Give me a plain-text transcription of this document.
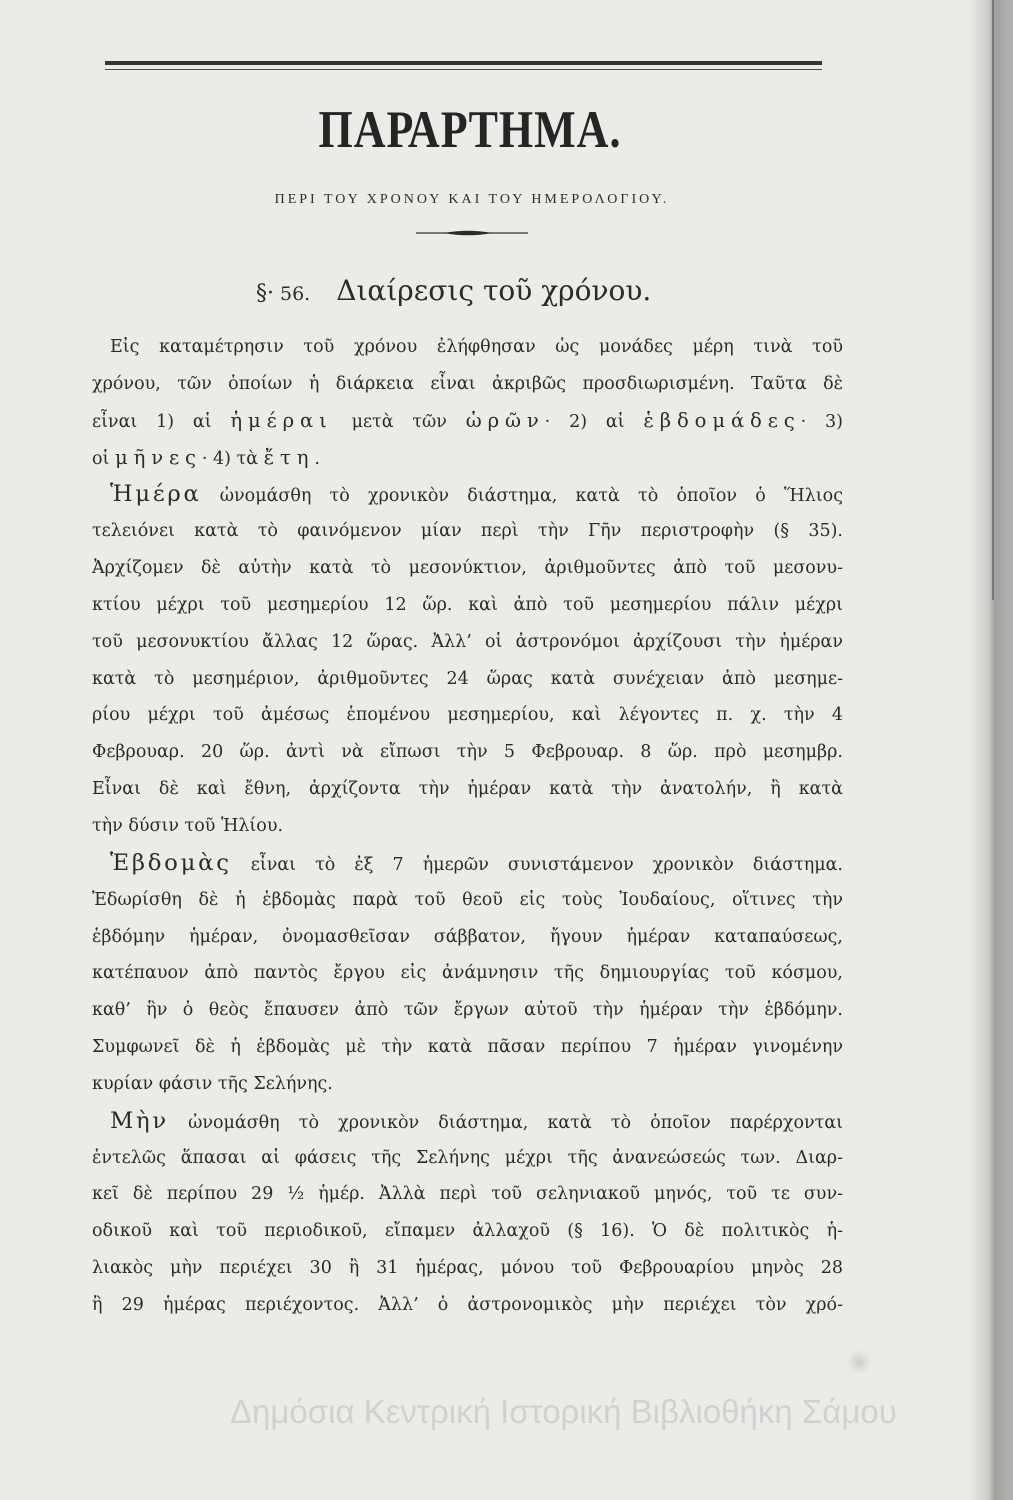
ΠΑΡΑΡΤΗΜΑ.
ΠΕΡΙ ΤΟΥ ΧΡΟΝΟΥ ΚΑΙ ΤΟΥ ΗΜΕΡΟΛΟΓΙΟΥ.
§· 56. Διαίρεσις τοῦ χρόνου.
Εἰς καταμέτρησιν τοῦ χρόνου ἐλήφθησαν ὡς μονάδες μέρη τινὰ τοῦ
χρόνου, τῶν ὁποίων ἡ διάρκεια εἶναι ἀκριβῶς προσδιωρισμένη. Ταῦτα δὲ
εἶναι 1) αἱ ἡμέραι μετὰ τῶν ὡρῶν· 2) αἱ ἑβδομάδες· 3)
οἱ μῆνες· 4) τὰ ἔτη.
Ἡμέρα ὠνομάσθη τὸ χρονικὸν διάστημα, κατὰ τὸ ὁποῖον ὁ Ἥλιος
τελειόνει κατὰ τὸ φαινόμενον μίαν περὶ τὴν Γῆν περιστροφὴν (§ 35).
Ἀρχίζομεν δὲ αὐτὴν κατὰ τὸ μεσονύκτιον, ἀριθμοῦντες ἀπὸ τοῦ μεσονυ-
κτίου μέχρι τοῦ μεσημερίου 12 ὥρ. καὶ ἀπὸ τοῦ μεσημερίου πάλιν μέχρι
τοῦ μεσονυκτίου ἄλλας 12 ὥρας. Ἀλλ’ οἱ ἀστρονόμοι ἀρχίζουσι τὴν ἡμέραν
κατὰ τὸ μεσημέριον, ἀριθμοῦντες 24 ὥρας κατὰ συνέχειαν ἀπὸ μεσημε-
ρίου μέχρι τοῦ ἀμέσως ἑπομένου μεσημερίου, καὶ λέγοντες π. χ. τὴν 4
Φεβρουαρ. 20 ὥρ. ἀντὶ νὰ εἴπωσι τὴν 5 Φεβρουαρ. 8 ὥρ. πρὸ μεσημβρ.
Εἶναι δὲ καὶ ἔθνη, ἀρχίζοντα τὴν ἡμέραν κατὰ τὴν ἀνατολήν, ἢ κατὰ
τὴν δύσιν τοῦ Ἡλίου.
Ἑβδομὰς εἶναι τὸ ἐξ 7 ἡμερῶν συνιστάμενον χρονικὸν διάστημα.
Ἐδωρίσθη δὲ ἡ ἑβδομὰς παρὰ τοῦ θεοῦ εἰς τοὺς Ἰουδαίους, οἵτινες τὴν
ἑβδόμην ἡμέραν, ὀνομασθεῖσαν σάββατον, ἤγουν ἡμέραν καταπαύσεως,
κατέπαυον ἀπὸ παντὸς ἔργου εἰς ἀνάμνησιν τῆς δημιουργίας τοῦ κόσμου,
καθ’ ἣν ὁ θεὸς ἔπαυσεν ἀπὸ τῶν ἔργων αὐτοῦ τὴν ἡμέραν τὴν ἑβδόμην.
Συμφωνεῖ δὲ ἡ ἑβδομὰς μὲ τὴν κατὰ πᾶσαν περίπου 7 ἡμέραν γινομένην
κυρίαν φάσιν τῆς Σελήνης.
Μὴν ὠνομάσθη τὸ χρονικὸν διάστημα, κατὰ τὸ ὁποῖον παρέρχονται
ἐντελῶς ἅπασαι αἱ φάσεις τῆς Σελήνης μέχρι τῆς ἀνανεώσεώς των. Διαρ-
κεῖ δὲ περίπου 29 ½ ἡμέρ. Ἀλλὰ περὶ τοῦ σεληνιακοῦ μηνός, τοῦ τε συν-
οδικοῦ καὶ τοῦ περιοδικοῦ, εἴπαμεν ἀλλαχοῦ (§ 16). Ὁ δὲ πολιτικὸς ἡ-
λιακὸς μὴν περιέχει 30 ἢ 31 ἡμέρας, μόνου τοῦ Φεβρουαρίου μηνὸς 28
ἢ 29 ἡμέρας περιέχοντος. Ἀλλ’ ὁ ἀστρονομικὸς μὴν περιέχει τὸν χρό-
Δημόσια Κεντρική Ιστορική Βιβλιοθήκη Σάμου
